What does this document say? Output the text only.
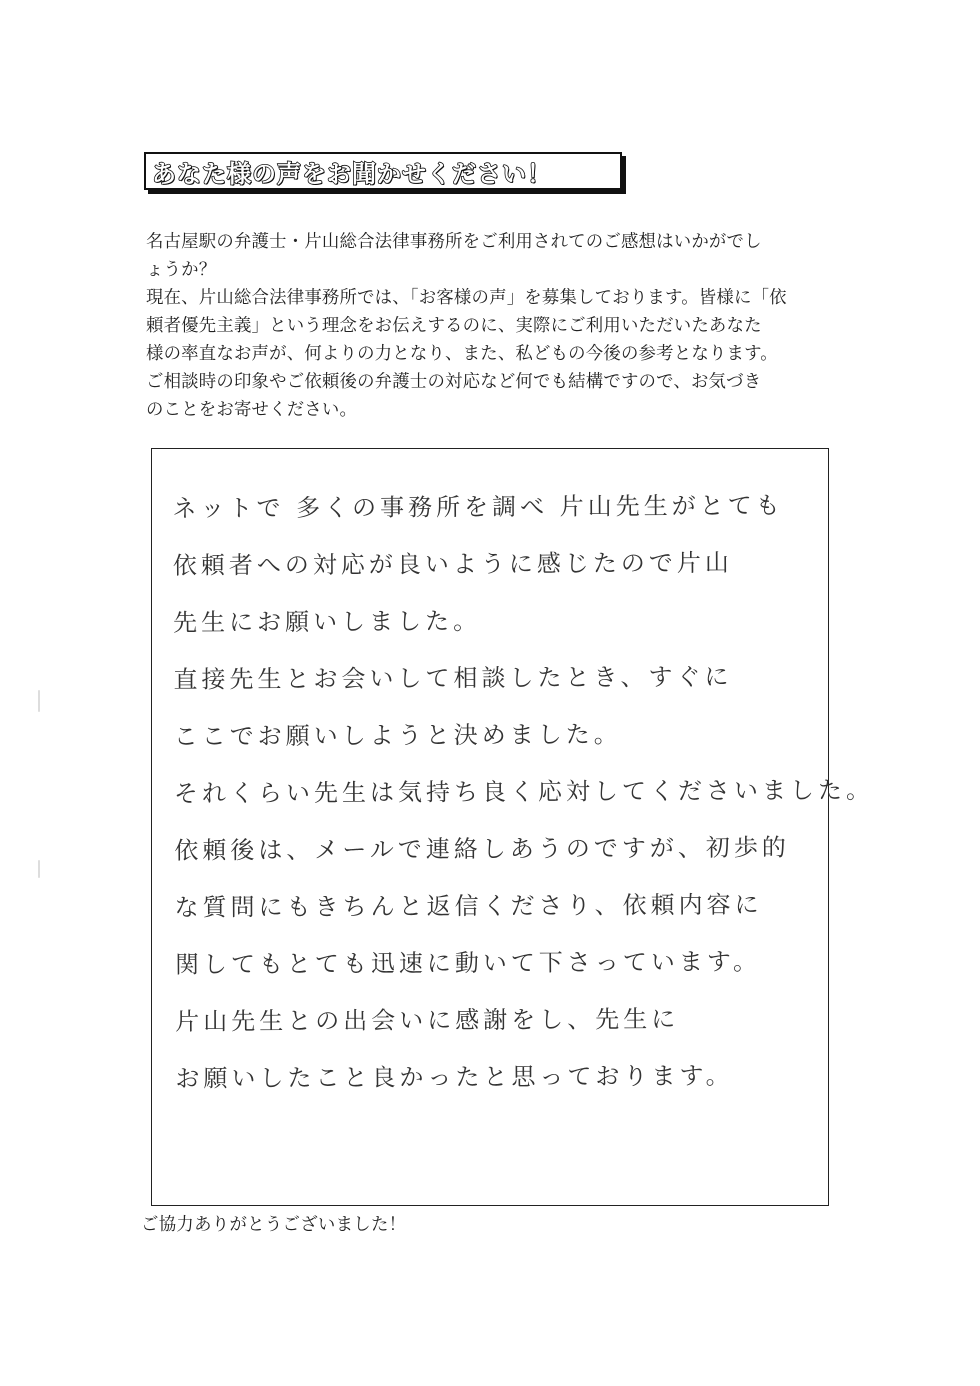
あなた様の声をお聞かせください！

名古屋駅の弁護士・片山総合法律事務所をご利用されてのご感想はいかがでし

ょうか？

現在、片山総合法律事務所では、「お客様の声」を募集しております。皆様に「依

頼者優先主義」という理念をお伝えするのに、実際にご利用いただいたあなた

様の率直なお声が、何よりの力となり、また、私どもの今後の参考となります。

ご相談時の印象やご依頼後の弁護士の対応など何でも結構ですので、お気づき

のことをお寄せください。

ネットで 多くの事務所を調べ 片山先生がとても
依頼者への対応が良いように感じたので片山
先生にお願いしました。
直接先生とお会いして相談したとき、すぐに
ここでお願いしようと決めました。
それくらい先生は気持ち良く応対してくださいました。
依頼後は、メールで連絡しあうのですが、初歩的
な質問にもきちんと返信くださり、依頼内容に
関してもとても迅速に動いて下さっています。
片山先生との出会いに感謝をし、先生に
お願いしたこと良かったと思っております。
ご協力ありがとうございました！
